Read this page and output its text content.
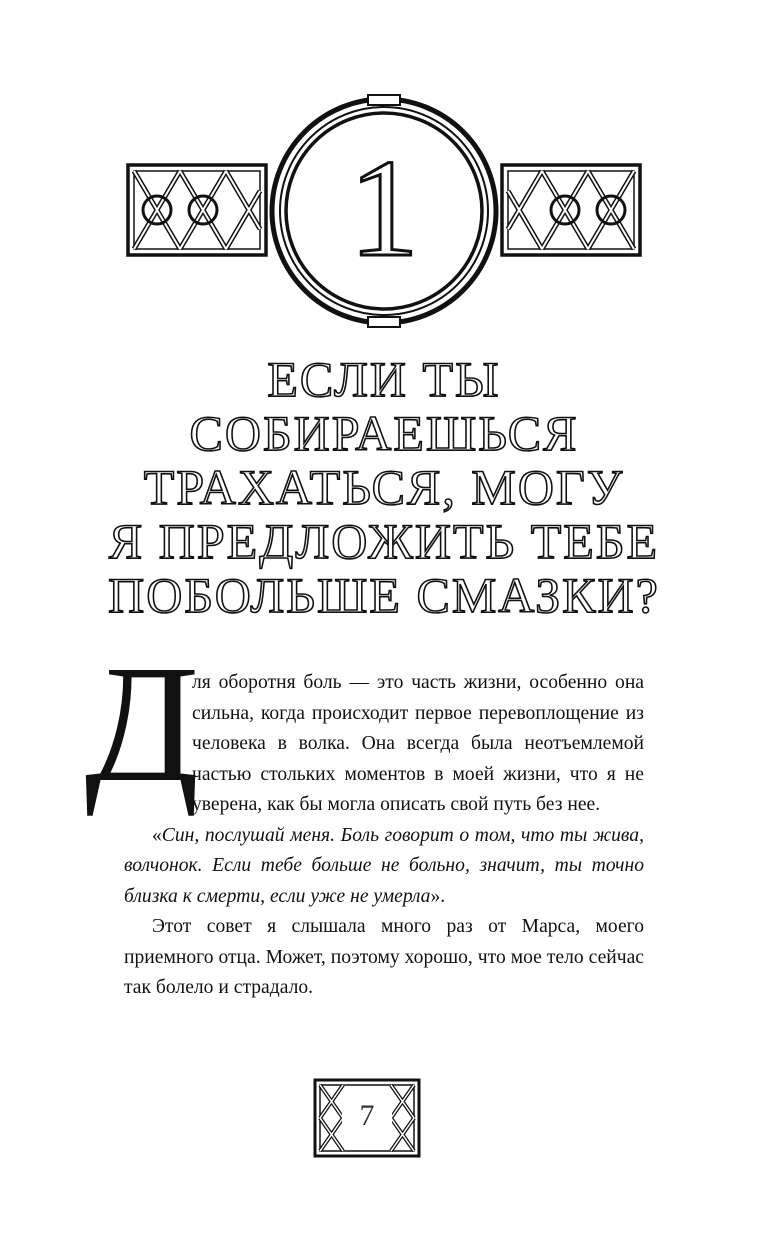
1
ЕСЛИ ТЫ
СОБИРАЕШЬСЯ
ТРАХАТЬСЯ, МОГУ
Я ПРЕДЛОЖИТЬ ТЕБЕ
ПОБОЛЬШЕ СМАЗКИ?
Д

ля оборотня боль — это часть жизни, особенно она сильна, когда происходит первое перевоплощение из человека в волка. Она всегда была неотъемлемой частью стольких моментов в моей жизни, что я не уверена, как бы могла описать свой путь без нее.

«Син, послушай меня. Боль говорит о том, что ты жива, волчонок. Если тебе больше не больно, значит, ты точно близка к смерти, если уже не умерла».

Этот совет я слышала много раз от Марса, моего приемного отца. Может, поэтому хорошо, что мое тело сейчас так болело и страдало.

7
